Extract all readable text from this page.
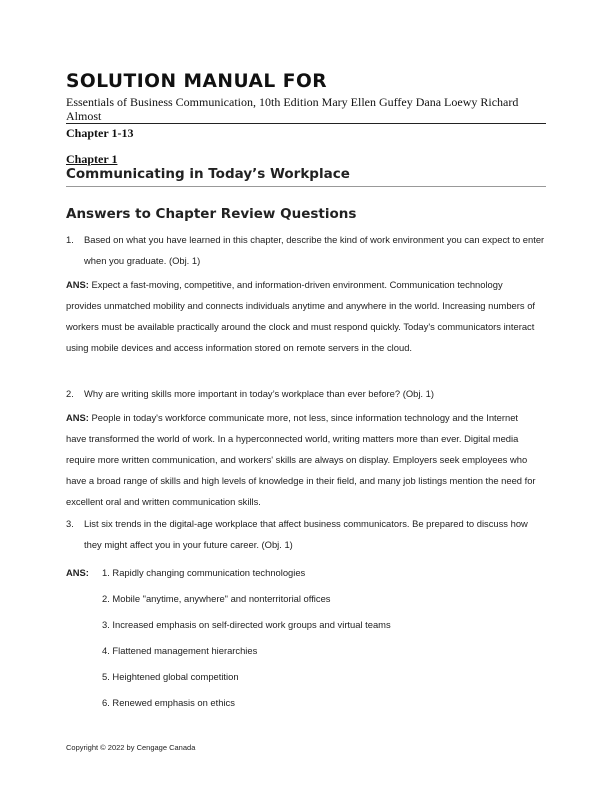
SOLUTION MANUAL FOR
Essentials of Business Communication, 10th Edition Mary Ellen Guffey Dana Loewy Richard Almost
Chapter 1-13
Chapter 1
Communicating in Today’s Workplace
Answers to Chapter Review Questions
1.	Based on what you have learned in this chapter, describe the kind of work environment you can expect to enter when you graduate. (Obj. 1)
ANS: Expect a fast-moving, competitive, and information-driven environment. Communication technology provides unmatched mobility and connects individuals anytime and anywhere in the world. Increasing numbers of workers must be available practically around the clock and must respond quickly. Today's communicators interact using mobile devices and access information stored on remote servers in the cloud.
2.	Why are writing skills more important in today’s workplace than ever before? (Obj. 1)
ANS: People in today's workforce communicate more, not less, since information technology and the Internet have transformed the world of work. In a hyperconnected world, writing matters more than ever. Digital media require more written communication, and workers' skills are always on display. Employers seek employees who have a broad range of skills and high levels of knowledge in their field, and many job listings mention the need for excellent oral and written communication skills.
3.	List six trends in the digital-age workplace that affect business communicators. Be prepared to discuss how they might affect you in your future career. (Obj. 1)
ANS: 1. Rapidly changing communication technologies
2. Mobile "anytime, anywhere" and nonterritorial offices
3. Increased emphasis on self-directed work groups and virtual teams
4. Flattened management hierarchies
5. Heightened global competition
6. Renewed emphasis on ethics
Copyright © 2022 by Cengage Canada
